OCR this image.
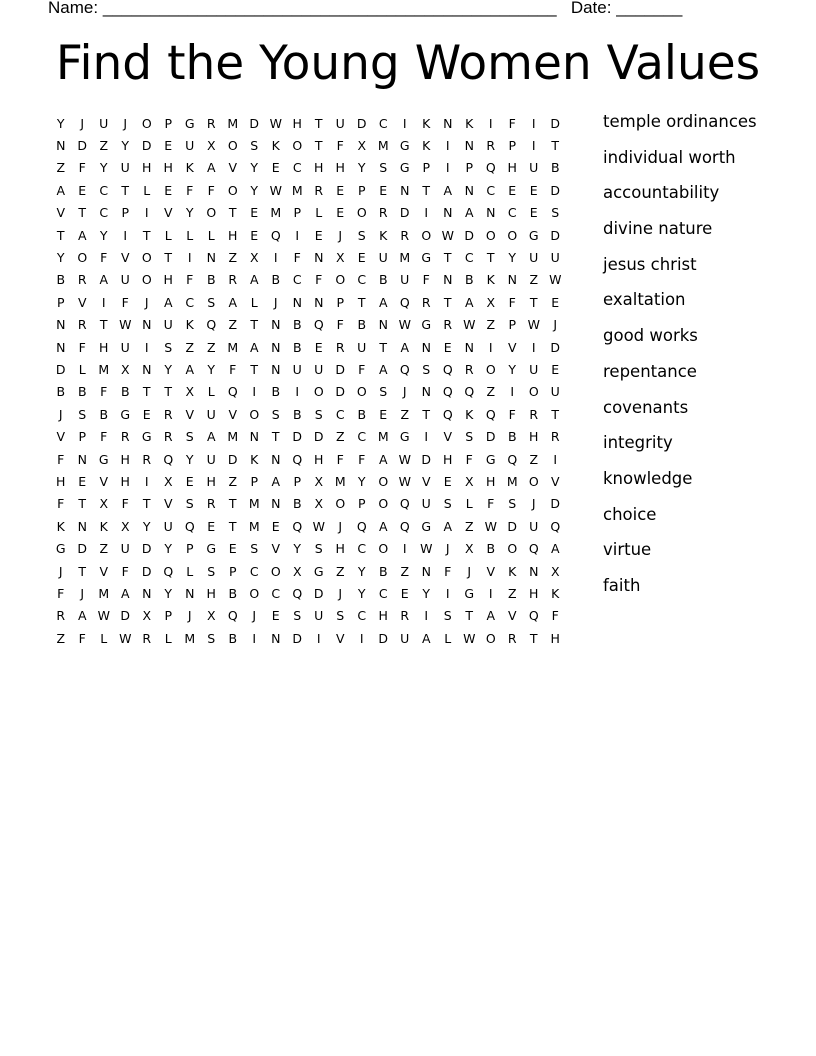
Name: ________________________________________________ Date: _______
Find the Young Women Values
Y	J	U	J	O	P	G R M D W H	T	U D C	I	K	N	K	I	F	I	D
N D Z	Y	D	E	U	X O	S	K O	T	F	X M G	K	I	N R	P	I	T
Z	F	Y	U H H	K	A	V	Y	E	C H H	Y	S	G	P	I	P	Q H U	B
A	E	C	T	L	E	F	F	O	Y W M R	E	P	E	N	T	A	N C	E	E	D
V	T	C	P	I	V	Y	O	T	E M P	L	E	O R D	I	N	A	N C	E	S
T	A	Y	I	T	L	L	L	H	E	Q	I	E	J	S	K	R O W D O O G D
Y	O	F	V O	T	I	N	Z	X	I	F	N	X	E	U M G	T	C	T	Y	U U
B	R	A	U O H	F	B	R	A	B	C	F	O C	B	U	F	N	B	K	N	Z W
P	V	I	F	J	A	C	S	A	L	J	N N	P	T	A Q R	T	A	X	F	T	E
N R	T W N U	K Q Z	T	N	B Q	F	B	N W G R W Z	P W	J
N	F	H U	I	S	Z	Z M A	N	B	E	R	U	T	A	N	E	N	I	V	I	D
D	L	M X	N	Y	A	Y	F	T	N U U D	F	A Q	S	Q R O	Y	U	E
B	B	F	B	T	T	X	L	Q	I	B	I	O D O	S	J	N Q Q Z	I	O U
J	S	B G	E	R	V	U	V O	S	B	S	C	B	E	Z	T	Q K Q	F	R	T
V	P	F	R G R	S	A M N	T	D D Z	C M G	I	V	S	D B	H R
F	N G H R Q	Y	U D	K	N Q H	F	F	A W D H	F	G Q Z	I
H	E	V	H	I	X	E	H	Z	P	A	P	X M Y	O W V	E	X	H M O V
F	T	X	F	T	V	S	R	T M N	B	X O	P	O Q U	S	L	F	S	J	D
K	N	K	X	Y	U Q	E	T M E	Q W	J	Q A Q G A	Z W D U Q
G D Z	U D	Y	P	G	E	S	V	Y	S	H C O	I	W	J	X	B O Q A
J	T	V	F	D Q	L	S	P	C O X G Z	Y	B	Z	N	F	J	V	K	N	X
F	J	M A	N	Y	N H	B O C Q D	J	Y	C	E	Y	I	G	I	Z	H	K
R	A W D X	P	J	X Q	J	E	S	U	S	C H R	I	S	T	A	V Q	F
Z	F	L W R	L	M S	B	I	N D	I	V	I	D U	A	L W O R	T	H
temple ordinances
individual worth
accountability
divine nature
jesus christ
exaltation
good works
repentance
covenants
integrity
knowledge
choice
virtue
faith
